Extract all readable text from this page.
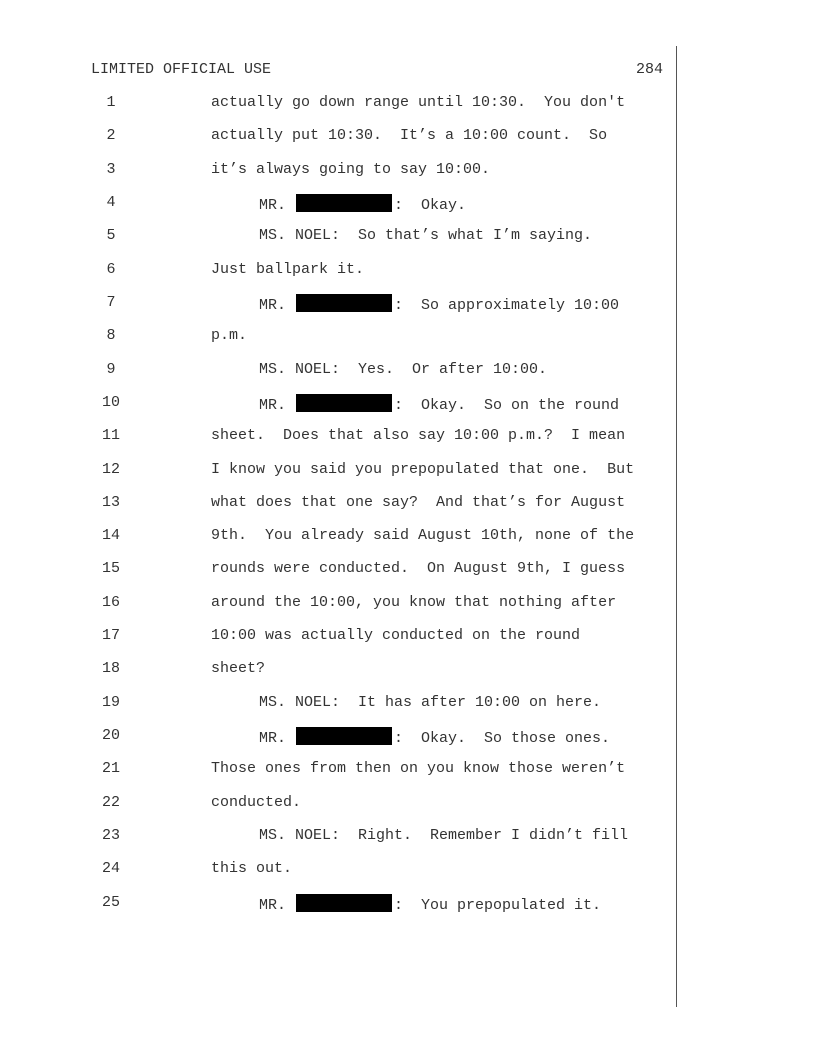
LIMITED OFFICIAL USE	284
1	actually go down range until 10:30.  You don't
2	actually put 10:30.  It’s a 10:00 count.  So
3	it’s always going to say 10:00.
4	MR.	:  Okay.
5	MS. NOEL:  So that’s what I’m saying.
6	Just ballpark it.
7	MR.	:  So approximately 10:00
8	p.m.
9	MS. NOEL:  Yes.  Or after 10:00.
10	MR.	:  Okay.  So on the round
11	sheet.  Does that also say 10:00 p.m.?  I mean
12	I know you said you prepopulated that one.  But
13	what does that one say?  And that’s for August
14	9th.  You already said August 10th, none of the
15	rounds were conducted.  On August 9th, I guess
16	around the 10:00, you know that nothing after
17	10:00 was actually conducted on the round
18	sheet?
19	MS. NOEL:  It has after 10:00 on here.
20	MR.	:  Okay.  So those ones.
21	Those ones from then on you know those weren’t
22	conducted.
23	MS. NOEL:  Right.  Remember I didn’t fill
24	this out.
25	MR.	:  You prepopulated it.
